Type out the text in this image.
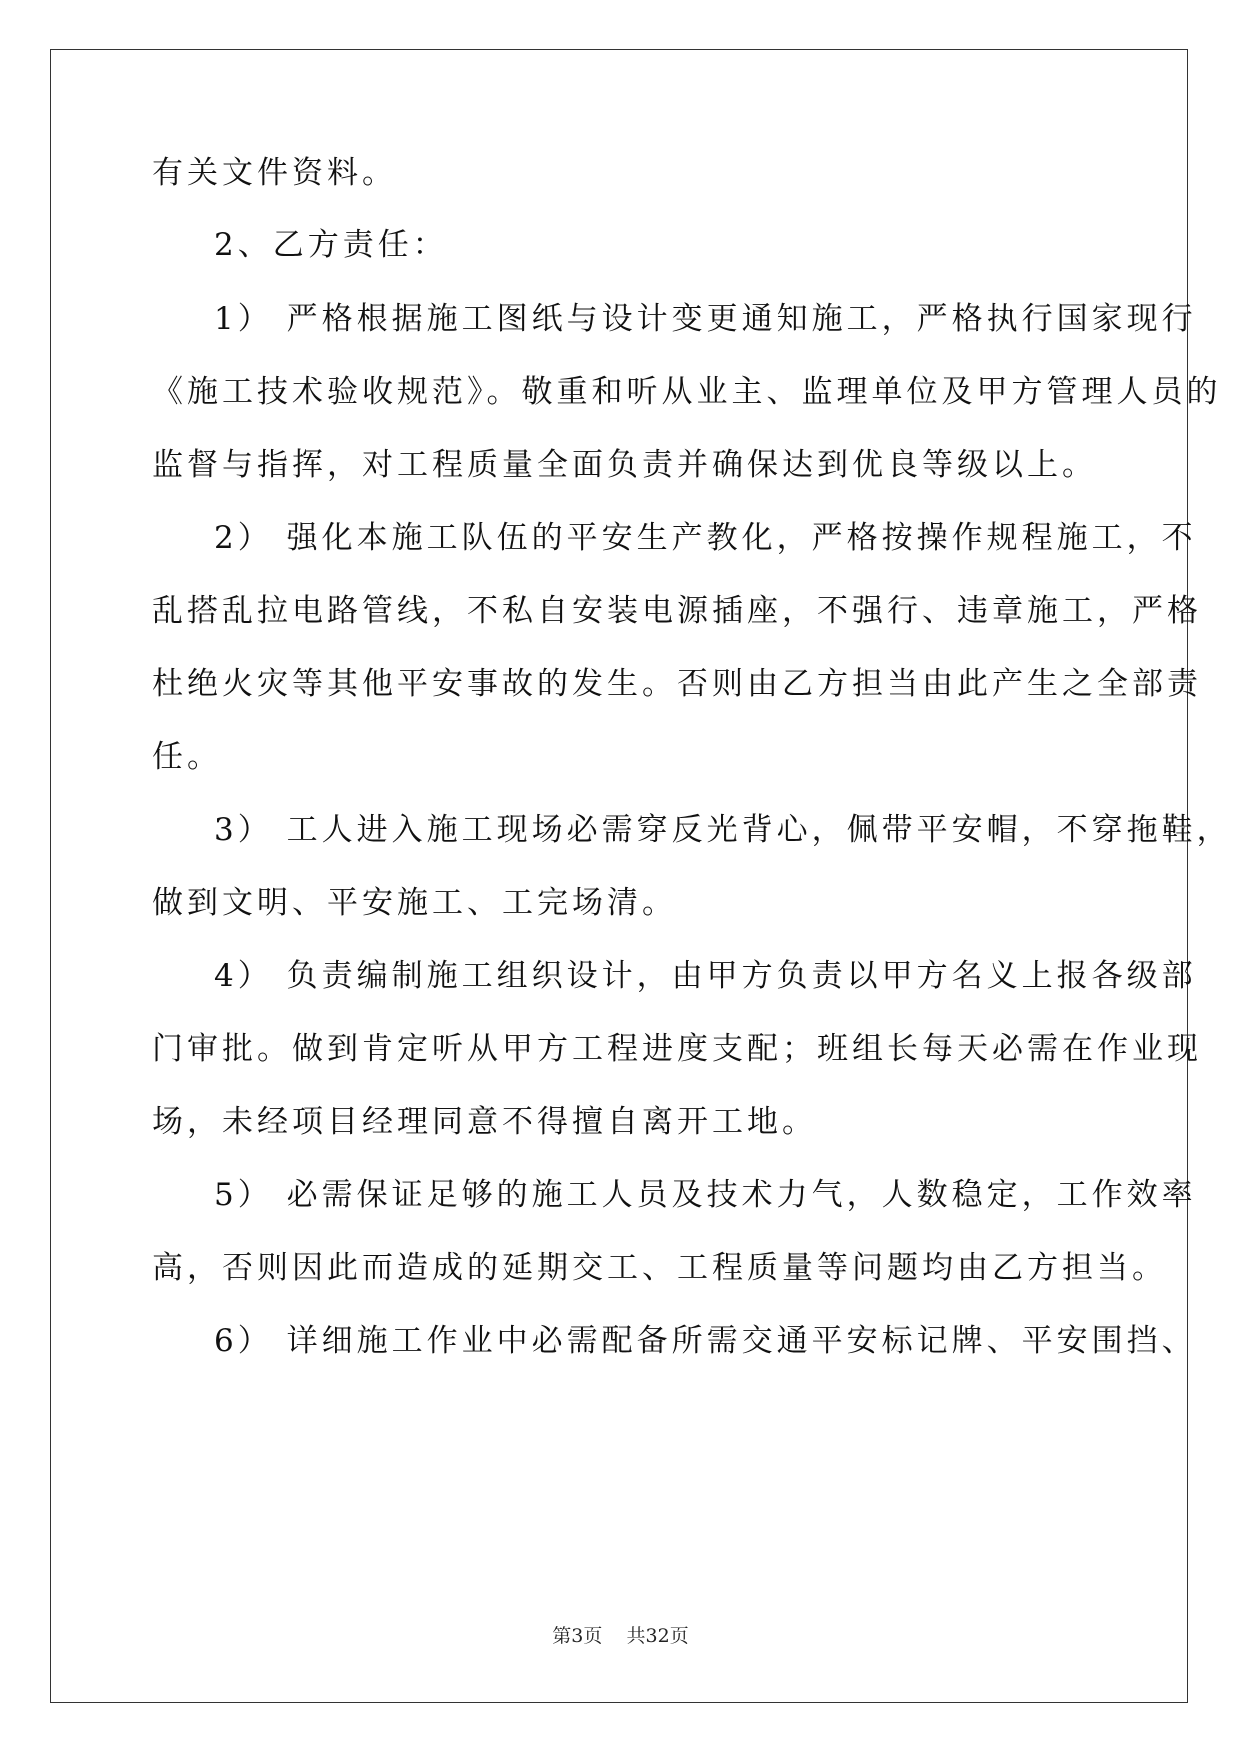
有关文件资料。
2、乙方责任：
1） 严格根据施工图纸与设计变更通知施工，严格执行国家现行
《施工技术验收规范》。敬重和听从业主、监理单位及甲方管理人员的
监督与指挥，对工程质量全面负责并确保达到优良等级以上。
2） 强化本施工队伍的平安生产教化，严格按操作规程施工，不
乱搭乱拉电路管线，不私自安装电源插座，不强行、违章施工，严格
杜绝火灾等其他平安事故的发生。否则由乙方担当由此产生之全部责
任。
3） 工人进入施工现场必需穿反光背心，佩带平安帽，不穿拖鞋，
做到文明、平安施工、工完场清。
4） 负责编制施工组织设计，由甲方负责以甲方名义上报各级部
门审批。做到肯定听从甲方工程进度支配；班组长每天必需在作业现
场，未经项目经理同意不得擅自离开工地。
5） 必需保证足够的施工人员及技术力气，人数稳定，工作效率
高，否则因此而造成的延期交工、工程质量等问题均由乙方担当。
6） 详细施工作业中必需配备所需交通平安标记牌、平安围挡、
第3页    共32页
